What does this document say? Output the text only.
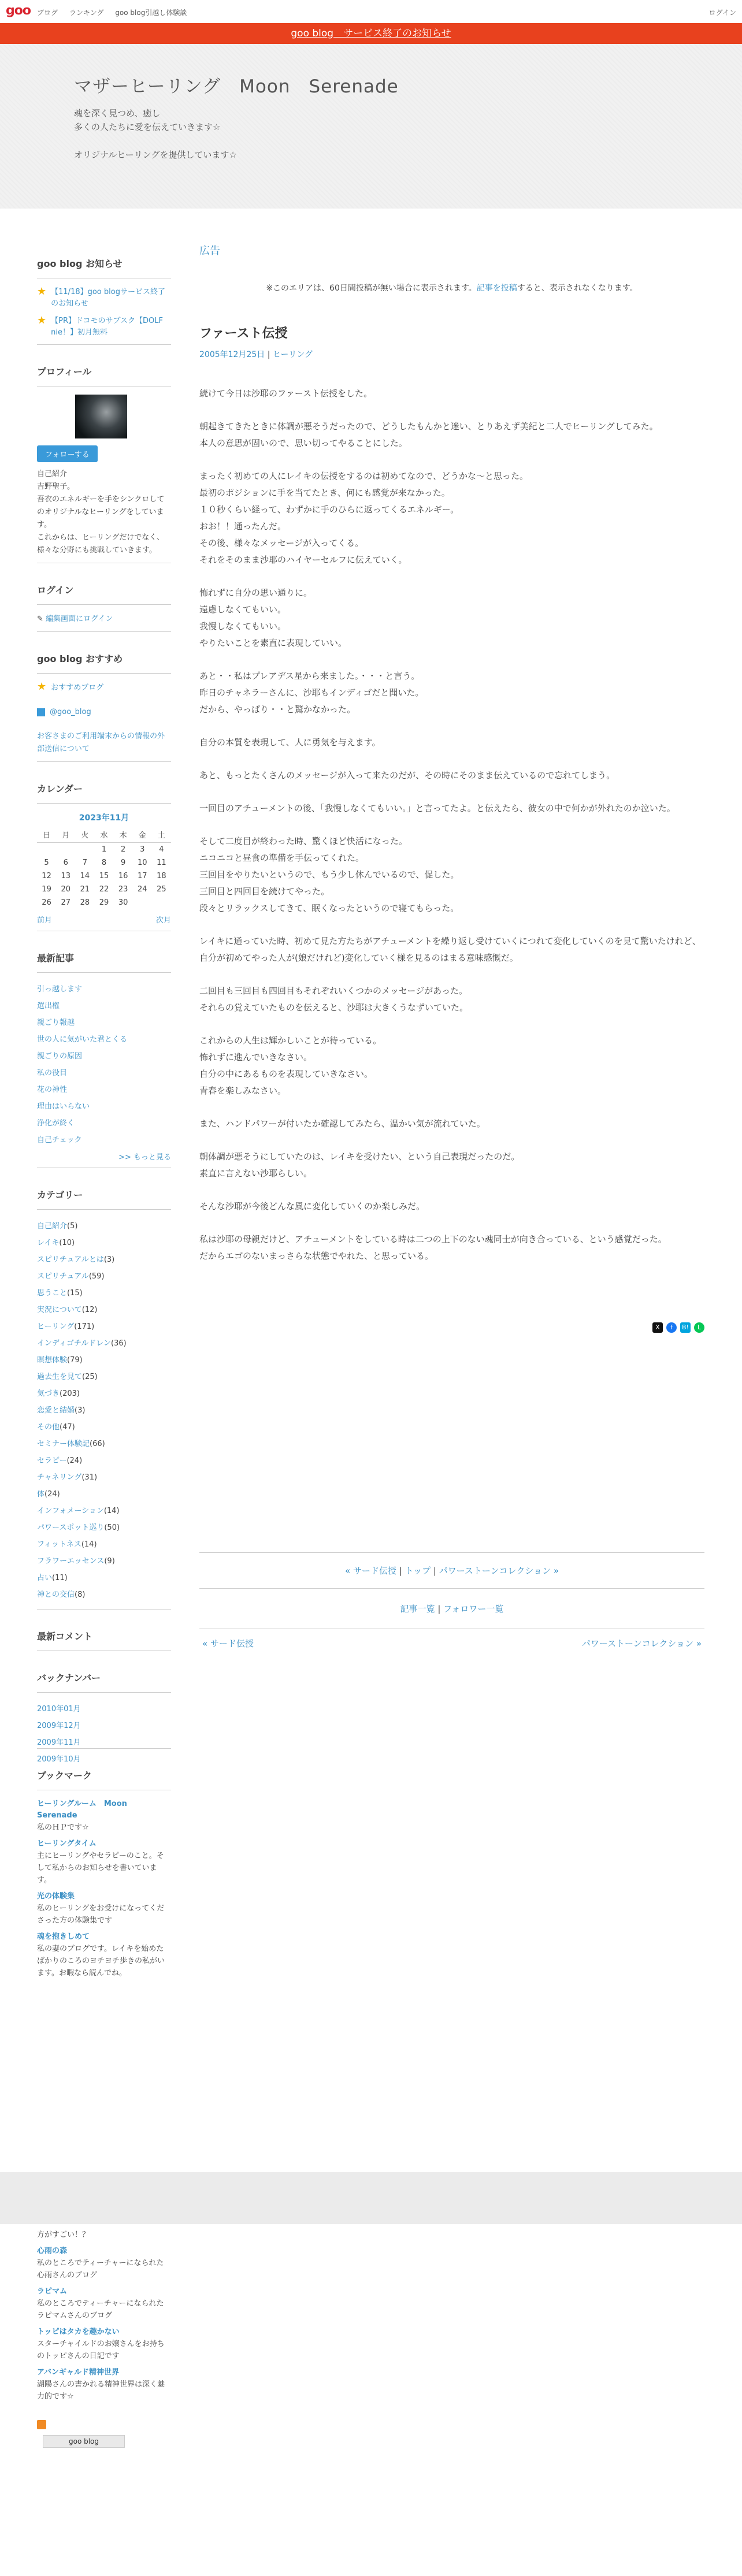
goo ブログ ランキング goo blog引越し体験談	ログイン
goo blog　サービス終了のお知らせ
マザーヒーリング　Moon　Serenade
魂を深く見つめ、癒し
多くの人たちに愛を伝えていきます☆

オリジナルヒーリングを提供しています☆
goo blog お知らせ
★ 【11/18】goo blogサービス終了のお知らせ
★ 【PR】ドコモのサブスク【DOLF nie！】初月無料
プロフィール
フォローする
自己紹介
吉野聖子。
吾衣のエネルギーを手をシンクロしてのオリジナルなヒーリングをしています。
これからは、ヒーリングだけでなく、様々な分野にも挑戦していきます。
ログイン
✎ 編集画面にログイン
goo blog おすすめ
★ おすすめブログ
@goo_blog
お客さまのご利用端末からの情報の外部送信について
カレンダー
2023年11月
日	月	火	水	木	金	土
			1	2	3	4
5	6	7	8	9	10	11
12	13	14	15	16	17	18
19	20	21	22	23	24	25
26	27	28	29	30		
前月	次月
最新記事
引っ越します
選出権
親ごり報越
世の人に気がいた君とくる
親ごりの原因
私の役目
花の神性
理由はいらない
浄化が終く
自己チェック
>> もっと見る
カテゴリー
自己紹介(5)
レイキ(10)
スピリチュアルとは(3)
スピリチュアル(59)
思うこと(15)
実況について(12)
ヒーリング(171)
インディゴチルドレン(36)
瞑想体験(79)
過去生を見て(25)
気づき(203)
恋愛と結婚(3)
その他(47)
セミナー体験記(66)
セラピー(24)
チャネリング(31)
体(24)
インフォメーション(14)
パワースポット巡り(50)
フィットネス(14)
フラワーエッセンス(9)
占い(11)
神との交信(8)
最新コメント
バックナンバー
2010年01月
2009年12月
2009年11月
2009年10月
ブックマーク
ヒーリングルーム　Moon　Serenade
私のＨＰです☆
ヒーリングタイム
主にヒーリングやセラピーのこと。そして私からのお知らせを書いています。
光の体験集
私のヒーリングをお受けになってくださった方の体験集です
魂を抱きしめて
私の妻のブログです。レイキを始めたばかりのころのヨチヨチ歩きの私がいます。お暇なら読んでね。
広告
※このエリアは、60日間投稿が無い場合に表示されます。記事を投稿すると、表示されなくなります。
ファースト伝授
2005年12月25日 | ヒーリング

続けて今日は沙耶のファースト伝授をした。

朝起きてきたときに体調が悪そうだったので、どうしたもんかと迷い、とりあえず美紀と二人でヒーリングしてみた。
本人の意思が固いので、思い切ってやることにした。

まったく初めての人にレイキの伝授をするのは初めてなので、どうかな〜と思った。
最初のポジションに手を当てたとき、何にも感覚が来なかった。
１０秒くらい経って、わずかに手のひらに返ってくるエネルギー。
おお！！通ったんだ。
その後、様々なメッセージが入ってくる。
それをそのまま沙耶のハイヤーセルフに伝えていく。

怖れずに自分の思い通りに。
遠慮しなくてもいい。
我慢しなくてもいい。
やりたいことを素直に表現していい。

あと・・私はプレアデス星から来ました。・・・と言う。
昨日のチャネラーさんに、沙耶もインディゴだと聞いた。
だから、やっぱり・・と驚かなかった。

自分の本質を表現して、人に勇気を与えます。

あと、もっとたくさんのメッセージが入って来たのだが、その時にそのまま伝えているので忘れてしまう。

一回目のアチューメントの後、「我慢しなくてもいい。」と言ってたよ。と伝えたら、彼女の中で何かが外れたのか泣いた。

そして二度目が終わった時、驚くほど快活になった。
ニコニコと昼食の準備を手伝ってくれた。
三回目をやりたいというので、もう少し休んでいるので、促した。
三回目と四回目を続けてやった。
段々とリラックスしてきて、眠くなったというので寝てもらった。

レイキに通っていた時、初めて見た方たちがアチューメントを繰り返し受けていくにつれて変化していくのを見て驚いたけれど、自分が初めてやった人が(娘だけれど)変化していく様を見るのはまる意味感慨だ。

二回目も三回目も四回目もそれぞれいくつかのメッセージがあった。
それらの覚えていたものを伝えると、沙耶は大きくうなずいていた。

これからの人生は輝かしいことが待っている。
怖れずに進んでいきなさい。
自分の中にあるものを表現していきなさい。
青春を楽しみなさい。

また、ハンドパワーが付いたか確認してみたら、温かい気が流れていた。

朝体調が悪そうにしていたのは、レイキを受けたい、という自己表現だったのだ。
素直に言えない沙耶らしい。

そんな沙耶が今後どんな風に変化していくのか楽しみだ。

私は沙耶の母親だけど、アチューメントをしている時は二つの上下のない魂同士が向き合っている、という感覚だった。
だからエゴのないまっさらな状態でやれた、と思っている。

X	f	B!	L
« サード伝授 | トップ | パワーストーンコレクション »
記事一覧 | フォロワー一覧
« サード伝授	パワーストーンコレクション »
方がすごい！？
心雨の森
私のところでティーチャーになられた心雨さんのブログ
ラピマム
私のところでティーチャーになられたラピマムさんのブログ
トッピはタカを趣かない
スターチャイルドのお嬢さんをお持ちのトッピさんの日記です
アバンギャルド精神世界
湖陽さんの書かれる精神世界は深く魅力的です☆
goo blog
